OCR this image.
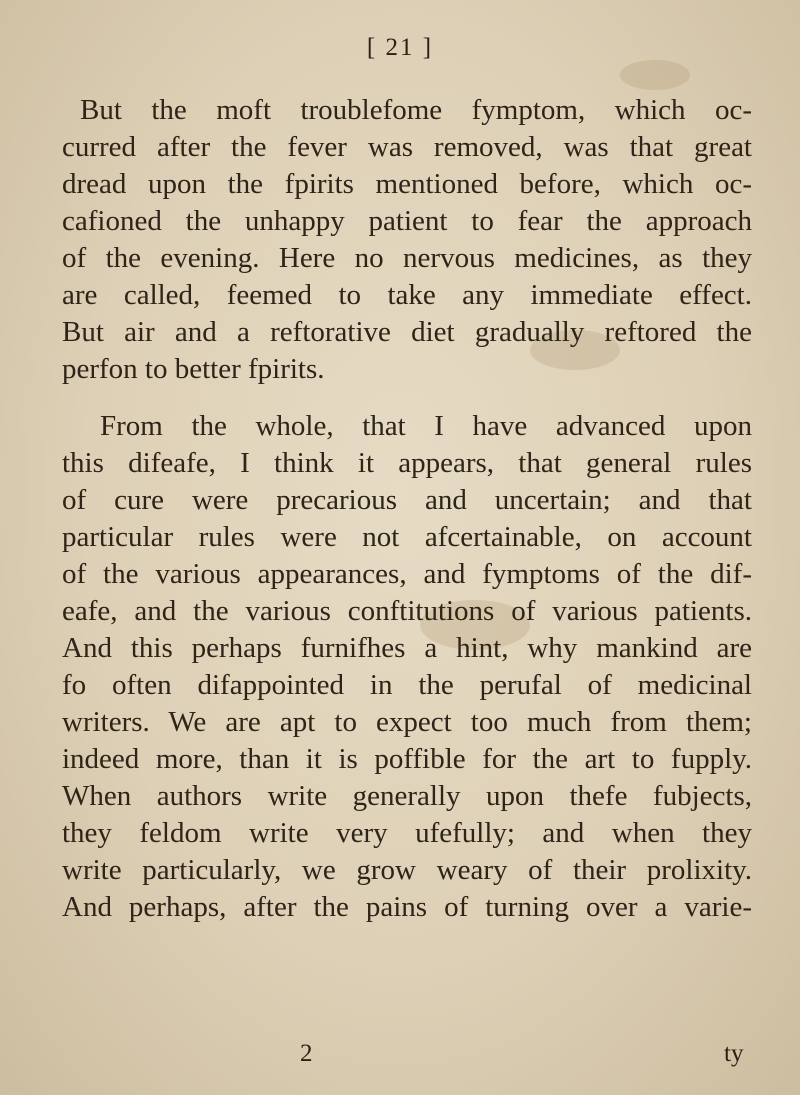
[ 21 ]
But the moft troublefome fymptom, which oc-
curred after the fever was removed, was that great
dread upon the fpirits mentioned before, which oc-
cafioned the unhappy patient to fear the approach
of the evening. Here no nervous medicines, as they
are called, feemed to take any immediate effect.
But air and a reftorative diet gradually reftored the
perfon to better fpirits.
From the whole, that I have advanced upon
this difeafe, I think it appears, that general rules
of cure were precarious and uncertain; and that
particular rules were not afcertainable, on account
of the various appearances, and fymptoms of the dif-
eafe, and the various conftitutions of various patients.
And this perhaps furnifhes a hint, why mankind are
fo often difappointed in the perufal of medicinal
writers. We are apt to expect too much from them;
indeed more, than it is poffible for the art to fupply.
When authors write generally upon thefe fubjects,
they feldom write very ufefully; and when they
write particularly, we grow weary of their prolixity.
And perhaps, after the pains of turning over a varie-
2	ty
